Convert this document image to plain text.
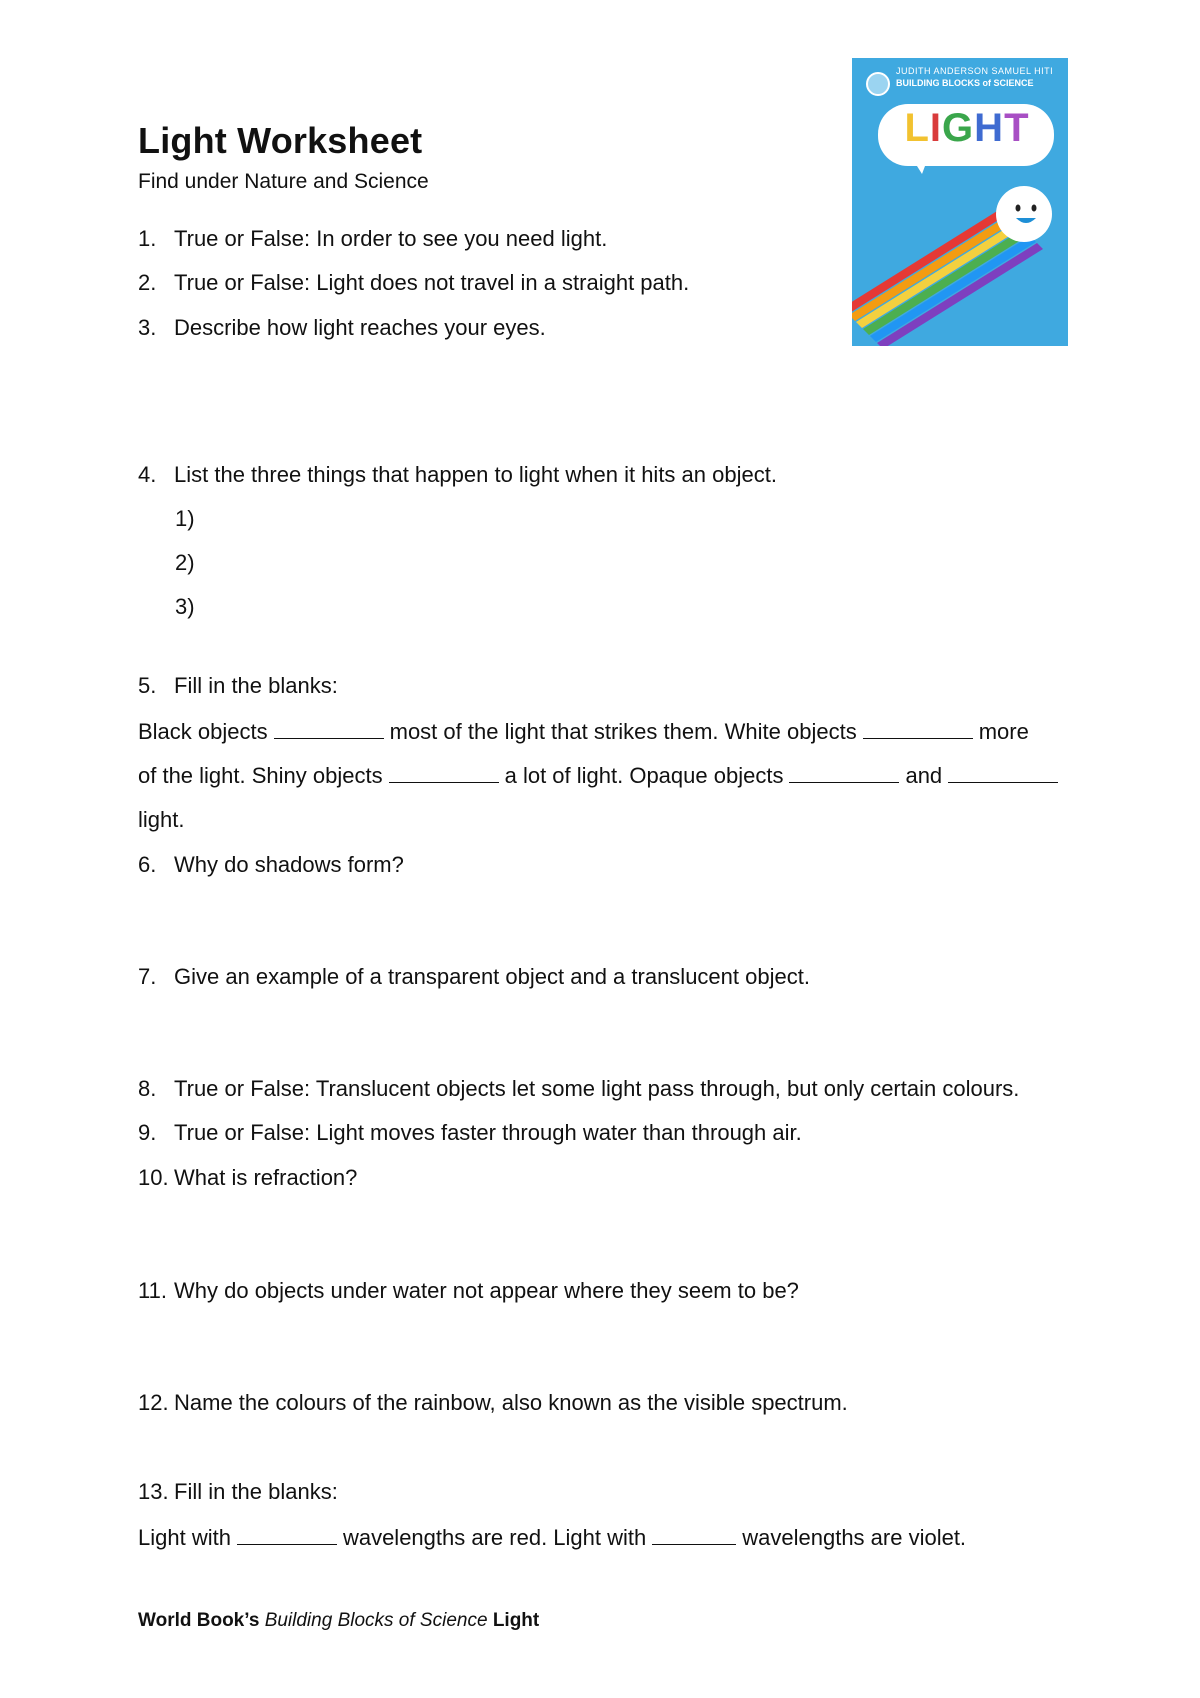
Light Worksheet
Find under Nature and Science
JUDITH ANDERSON SAMUEL HITI
BUILDING BLOCKS of SCIENCE
LIGHT
1. True or False: In order to see you need light.
2. True or False: Light does not travel in a straight path.
3. Describe how light reaches your eyes.
4. List the three things that happen to light when it hits an object.
1)
2)
3)
5. Fill in the blanks:
Black objects	most of the light that strikes them. White objects	more
of the light. Shiny objects	a lot of light. Opaque objects	and
light.
6. Why do shadows form?
7. Give an example of a transparent object and a translucent object.
8. True or False: Translucent objects let some light pass through, but only certain colours.
9. True or False: Light moves faster through water than through air.
10. What is refraction?
11. Why do objects under water not appear where they seem to be?
12. Name the colours of the rainbow, also known as the visible spectrum.
13. Fill in the blanks:
Light with	wavelengths are red. Light with	wavelengths are violet.
World Book’s Building Blocks of Science Light
